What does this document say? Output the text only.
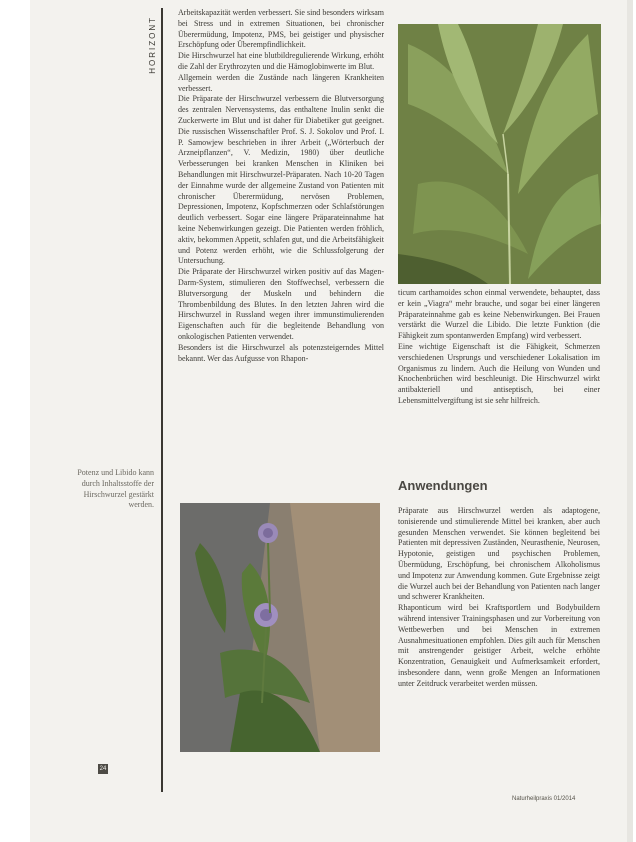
HORIZONT
Potenz und Libido kann durch Inhaltsstoffe der Hirschwurzel gestärkt werden.
24

Arbeitskapazität werden verbessert. Sie sind besonders wirksam bei Stress und in extremen Situationen, bei chronischer Überermüdung, Impotenz, PMS, bei geistiger und physischer Erschöpfung oder Überempfindlichkeit.

Die Hirschwurzel hat eine blutbildregulierende Wirkung, erhöht die Zahl der Erythrozyten und die Hämoglobinwerte im Blut.

Allgemein werden die Zustände nach längeren Krankheiten verbessert.

Die Präparate der Hirschwurzel verbessern die Blutversorgung des zentralen Nervensystems, das enthaltene Inulin senkt die Zuckerwerte im Blut und ist daher für Diabetiker gut geeignet. Die russischen Wissenschaftler Prof. S. J. Sokolov und Prof. I. P. Samowjew beschrieben in ihrer Arbeit („Wörterbuch der Arzneipflanzen“, V. Medizin, 1980) über deutliche Verbesserungen bei kranken Menschen in Kliniken bei Behandlungen mit Hirschwurzel-Präparaten. Nach 10-20 Tagen der Einnahme wurde der allgemeine Zustand von Patienten mit chronischer Überermüdung, nervösen Problemen, Depressionen, Impotenz, Kopfschmerzen oder Schlafstörungen deutlich verbessert. Sogar eine längere Präparateinnahme hat keine Nebenwirkungen gezeigt. Die Patienten werden fröhlich, aktiv, bekommen Appetit, schlafen gut, und die Arbeitsfähigkeit und Potenz werden erhöht, wie die Schlussfolgerung der Untersuchung.

Die Präparate der Hirschwurzel wirken positiv auf das Magen-Darm-System, stimulieren den Stoffwechsel, verbessern die Blutversorgung der Muskeln und behindern die Thrombenbildung des Blutes. In den letzten Jahren wird die Hirschwurzel in Russland wegen ihrer immunstimulierenden Eigenschaften auch für die begleitende Behandlung von onkologischen Patienten verwendet.

Besonders ist die Hirschwurzel als potenzsteigerndes Mittel bekannt. Wer das Aufgusse von Rhapon-

ticum carthamoides schon einmal verwendete, behauptet, dass er kein „Viagra“ mehr brauche, und sogar bei einer längeren Präparateinnahme gab es keine Nebenwirkungen. Bei Frauen verstärkt die Wurzel die Libido. Die letzte Funktion (die Fähigkeit zum spontanwerden Empfang) wird verbessert.

Eine wichtige Eigenschaft ist die Fähigkeit, Schmerzen verschiedenen Ursprungs und verschiedener Lokalisation im Organismus zu lindern. Auch die Heilung von Wunden und Knochenbrüchen wird beschleunigt. Die Hirschwurzel wirkt antibakteriell und antiseptisch, bei einer Lebensmittelvergiftung ist sie sehr hilfreich.

Anwendungen

Präparate aus Hirschwurzel werden als adaptogene, tonisierende und stimulierende Mittel bei kranken, aber auch gesunden Menschen verwendet. Sie können begleitend bei Patienten mit depressiven Zuständen, Neurasthenie, Neurosen, Hypotonie, geistigen und psychischen Problemen, Übermüdung, Erschöpfung, bei chronischem Alkoholismus und Impotenz zur Anwendung kommen. Gute Ergebnisse zeigt die Wurzel auch bei der Behandlung von Patienten nach langer und schwerer Krankheiten.

Rhaponticum wird bei Kraftsportlern und Bodybuildern während intensiver Trainingsphasen und zur Vorbereitung von Wettbewerben und bei Menschen in extremen Ausnahmesituationen empfohlen. Dies gilt auch für Menschen mit anstrengender geistiger Arbeit, welche erhöhte Konzentration, Genauigkeit und Aufmerksamkeit erfordert, insbesondere dann, wenn große Mengen an Informationen unter Zeitdruck verarbeitet werden müssen.

Naturheilpraxis 01/2014
